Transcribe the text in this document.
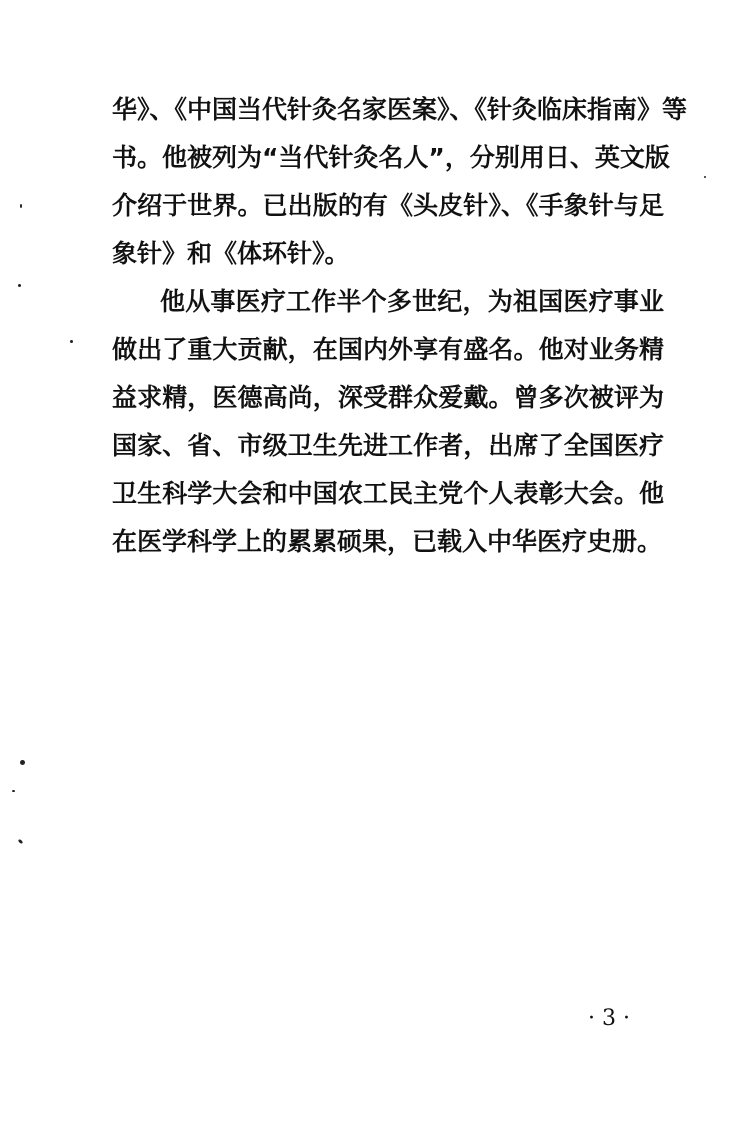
华》、《中国当代针灸名家医案》、《针灸临床指南》等
书。他被列为“当代针灸名人”，分别用日、英文版
介绍于世界。已出版的有《头皮针》、《手象针与足
象针》和《体环针》。
他从事医疗工作半个多世纪，为祖国医疗事业
做出了重大贡献，在国内外享有盛名。他对业务精
益求精，医德高尚，深受群众爱戴。曾多次被评为
国家、省、市级卫生先进工作者，出席了全国医疗
卫生科学大会和中国农工民主党个人表彰大会。他
在医学科学上的累累硕果，已载入中华医疗史册。
· 3 ·
